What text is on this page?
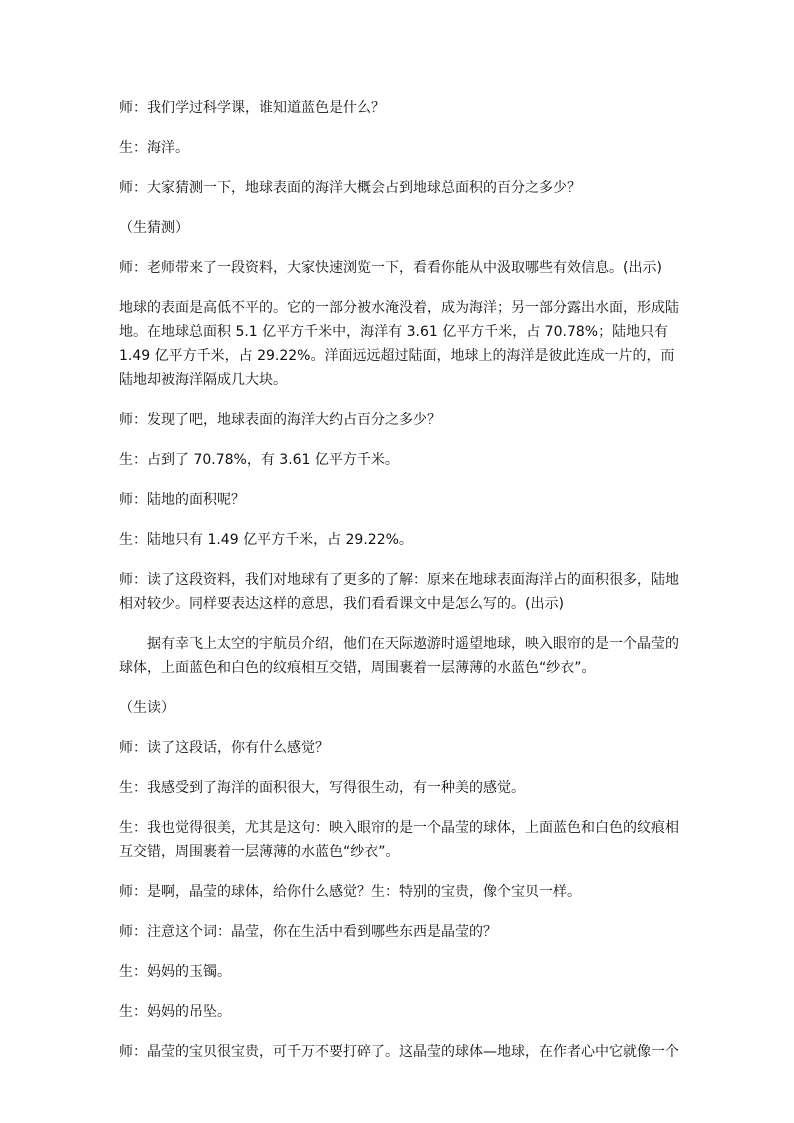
师：我们学过科学课，谁知道蓝色是什么？

生：海洋。

师：大家猜测一下，地球表面的海洋大概会占到地球总面积的百分之多少？

（生猜测）

师：老师带来了一段资料，大家快速浏览一下，看看你能从中汲取哪些有效信息。(出示)

地球的表面是高低不平的。它的一部分被水淹没着，成为海洋；另一部分露出水面，形成陆地。在地球总面积 5.1 亿平方千米中，海洋有 3.61 亿平方千米，占 70.78%；陆地只有 1.49 亿平方千米，占 29.22%。洋面远远超过陆面，地球上的海洋是彼此连成一片的，而陆地却被海洋隔成几大块。

师：发现了吧，地球表面的海洋大约占百分之多少？

生：占到了 70.78%，有 3.61 亿平方千米。

师：陆地的面积呢？

生：陆地只有 1.49 亿平方千米，占 29.22%。

师：读了这段资料，我们对地球有了更多的了解：原来在地球表面海洋占的面积很多，陆地相对较少。同样要表达这样的意思，我们看看课文中是怎么写的。(出示)

据有幸飞上太空的宇航员介绍，他们在天际遨游时遥望地球，映入眼帘的是一个晶莹的球体，上面蓝色和白色的纹痕相互交错，周围裹着一层薄薄的水蓝色“纱衣”。

（生读）

师：读了这段话，你有什么感觉？

生：我感受到了海洋的面积很大，写得很生动，有一种美的感觉。

生：我也觉得很美，尤其是这句：映入眼帘的是一个晶莹的球体，上面蓝色和白色的纹痕相互交错，周围裹着一层薄薄的水蓝色“纱衣”。

师：是啊，晶莹的球体，给你什么感觉？生：特别的宝贵，像个宝贝一样。

师：注意这个词：晶莹，你在生活中看到哪些东西是晶莹的？

生：妈妈的玉镯。

生：妈妈的吊坠。

师：晶莹的宝贝很宝贵，可千万不要打碎了。这晶莹的球体—地球，在作者心中它就像一个
